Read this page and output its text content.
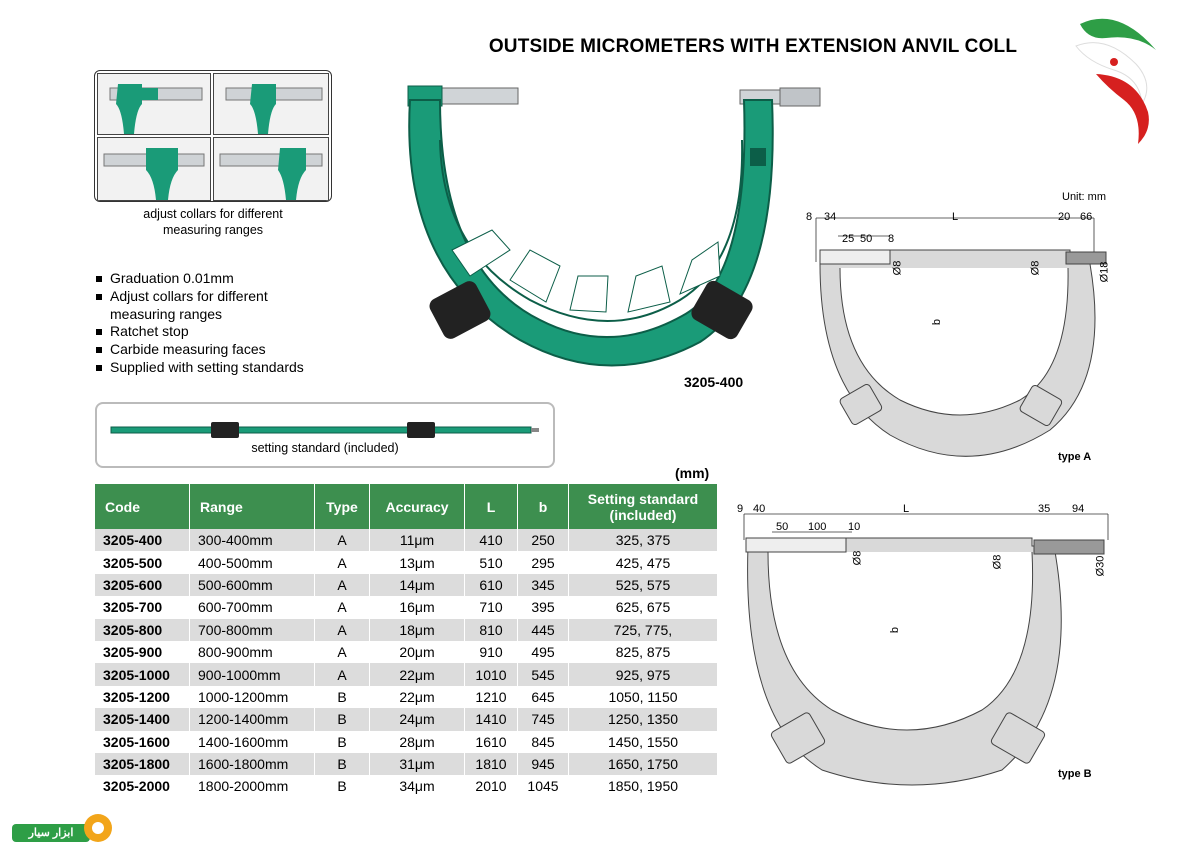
OUTSIDE MICROMETERS WITH EXTENSION ANVIL COLL
adjust collars for different
measuring ranges
Graduation 0.01mm
Adjust collars for different measuring ranges
Ratchet stop
Carbide measuring faces
Supplied with setting standards
3205-400
setting standard (included)
(mm)
Code	Range	Type	Accuracy	L	b	Setting standard (included)
3205-400	300-400mm	A	11μm	410	250	325, 375
3205-500	400-500mm	A	13μm	510	295	425, 475
3205-600	500-600mm	A	14μm	610	345	525, 575
3205-700	600-700mm	A	16μm	710	395	625, 675
3205-800	700-800mm	A	18μm	810	445	725, 775,
3205-900	800-900mm	A	20μm	910	495	825, 875
3205-1000	900-1000mm	A	22μm	1010	545	925, 975
3205-1200	1000-1200mm	B	22μm	1210	645	1050, 1150
3205-1400	1200-1400mm	B	24μm	1410	745	1250, 1350
3205-1600	1400-1600mm	B	28μm	1610	845	1450, 1550
3205-1800	1600-1800mm	B	31μm	1810	945	1650, 1750
3205-2000	1800-2000mm	B	34μm	2010	1045	1850, 1950
Unit: mm
8 34	L	20 66
25 50 8
Ø8	Ø8	Ø18
b
type A
9 40	L	35 94
50 100 10
Ø8	Ø8	Ø30
b
type B
ابزار سیار
